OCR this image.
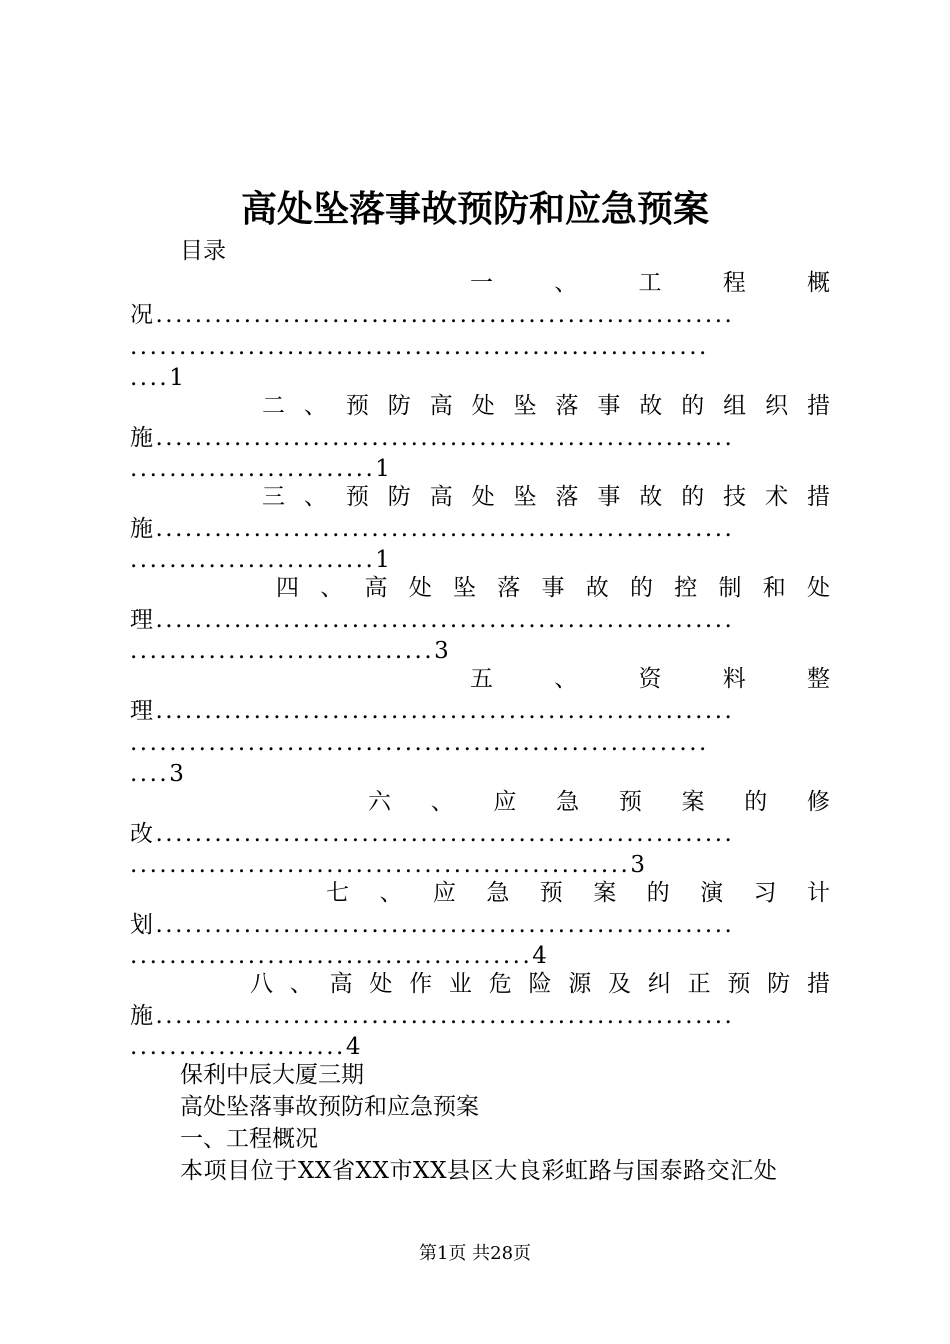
高处坠落事故预防和应急预案
目录
一	、	工	程	概
况...........................................................
...........................................................
....1
二 、 预 防 高 处 坠 落 事 故 的 组 织 措
施...........................................................
.........................1
三 、 预 防 高 处 坠 落 事 故 的 技 术 措
施...........................................................
.........................1
四 、 高 处 坠 落 事 故 的 控 制 和 处
理...........................................................
...............................3
五	、	资	料	整
理...........................................................
...........................................................
....3
六 、 应 急 预 案 的 修
改...........................................................
...................................................3
七 、 应 急 预 案 的 演 习 计
划...........................................................
.........................................4
八 、 高 处 作 业 危 险 源 及 纠 正 预 防 措
施...........................................................
......................4
保利中辰大厦三期
高处坠落事故预防和应急预案
一、工程概况
本项目位于XX省XX市XX县区大良彩虹路与国泰路交汇处
第1页 共28页
